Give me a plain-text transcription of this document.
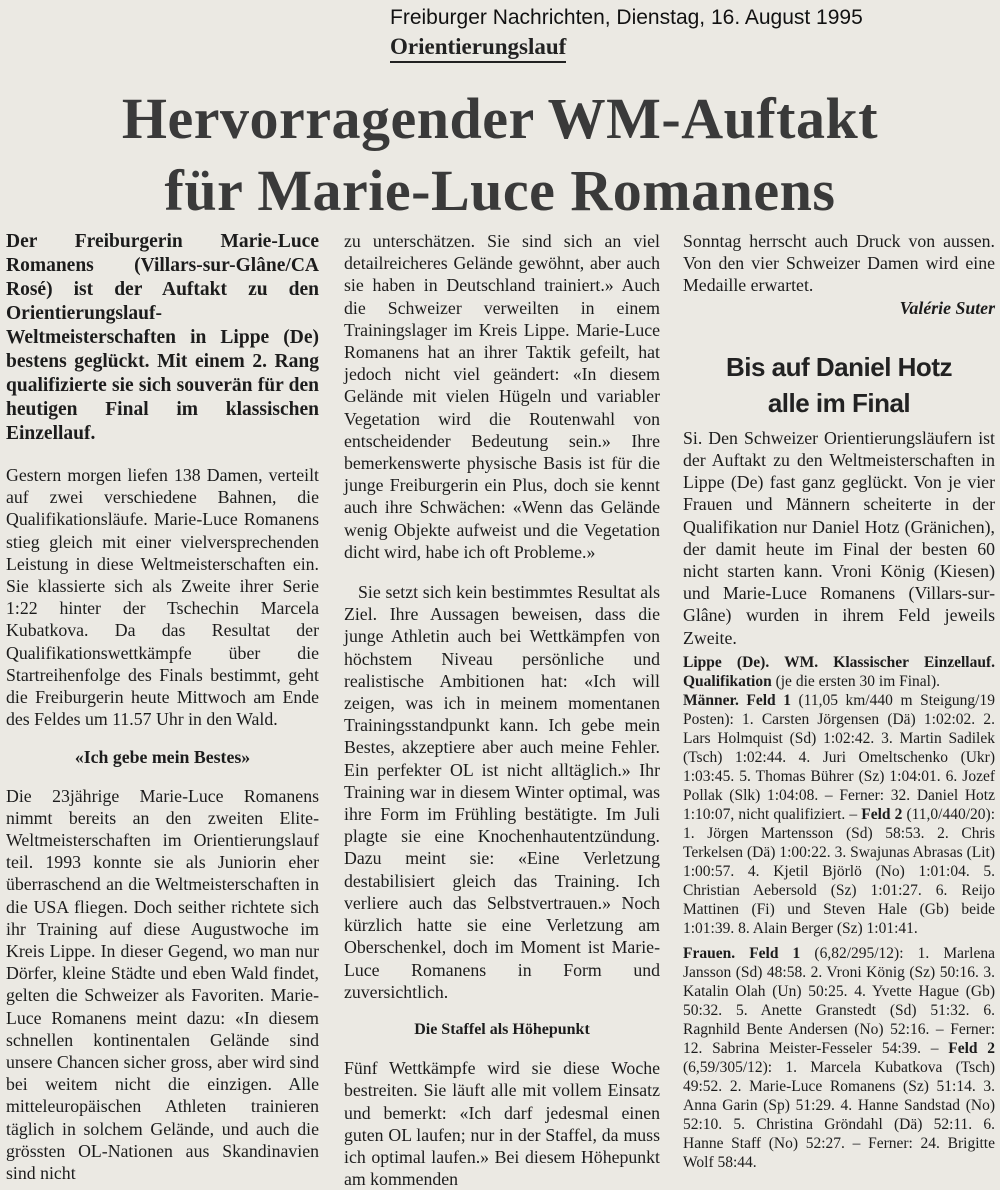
Freiburger Nachrichten, Dienstag, 16. August 1995
Orientierungslauf
Hervorragender WM-Auftakt
für Marie-Luce Romanens

Der Freiburgerin Marie-Luce Romanens (Villars-sur-Glâne/CA Rosé) ist der Auftakt zu den Orientierungslauf-Weltmeisterschaften in Lippe (De) bestens geglückt. Mit einem 2. Rang qualifizierte sie sich souverän für den heutigen Final im klassischen Einzellauf.

Gestern morgen liefen 138 Damen, verteilt auf zwei verschiedene Bahnen, die Qualifikationsläufe. Marie-Luce Romanens stieg gleich mit einer vielversprechenden Leistung in diese Weltmeisterschaften ein. Sie klassierte sich als Zweite ihrer Serie 1:22 hinter der Tschechin Marcela Kubatkova. Da das Resultat der Qualifikationswettkämpfe über die Startreihenfolge des Finals bestimmt, geht die Freiburgerin heute Mittwoch am Ende des Feldes um 11.57 Uhr in den Wald.

«Ich gebe mein Bestes»

Die 23jährige Marie-Luce Romanens nimmt bereits an den zweiten Elite-Weltmeisterschaften im Orientierungslauf teil. 1993 konnte sie als Juniorin eher überraschend an die Weltmeisterschaften in die USA fliegen. Doch seither richtete sich ihr Training auf diese Augustwoche im Kreis Lippe. In dieser Gegend, wo man nur Dörfer, kleine Städte und eben Wald findet, gelten die Schweizer als Favoriten. Marie-Luce Romanens meint dazu: «In diesem schnellen kontinentalen Gelände sind unsere Chancen sicher gross, aber wird sind bei weitem nicht die einzigen. Alle mitteleuropäischen Athleten trainieren täglich in solchem Gelände, und auch die grössten OL-Nationen aus Skandinavien sind nicht

zu unterschätzen. Sie sind sich an viel detailreicheres Gelände gewöhnt, aber auch sie haben in Deutschland trainiert.» Auch die Schweizer verweilten in einem Trainingslager im Kreis Lippe. Marie-Luce Romanens hat an ihrer Taktik gefeilt, hat jedoch nicht viel geändert: «In diesem Gelände mit vielen Hügeln und variabler Vegetation wird die Routenwahl von entscheidender Bedeutung sein.» Ihre bemerkenswerte physische Basis ist für die junge Freiburgerin ein Plus, doch sie kennt auch ihre Schwächen: «Wenn das Gelände wenig Objekte aufweist und die Vegetation dicht wird, habe ich oft Probleme.»

Sie setzt sich kein bestimmtes Resultat als Ziel. Ihre Aussagen beweisen, dass die junge Athletin auch bei Wettkämpfen von höchstem Niveau persönliche und realistische Ambitionen hat: «Ich will zeigen, was ich in meinem momentanen Trainingsstandpunkt kann. Ich gebe mein Bestes, akzeptiere aber auch meine Fehler. Ein perfekter OL ist nicht alltäglich.» Ihr Training war in diesem Winter optimal, was ihre Form im Frühling bestätigte. Im Juli plagte sie eine Knochenhautentzündung. Dazu meint sie: «Eine Verletzung destabilisiert gleich das Training. Ich verliere auch das Selbstvertrauen.» Noch kürzlich hatte sie eine Verletzung am Oberschenkel, doch im Moment ist Marie-Luce Romanens in Form und zuversichtlich.

Die Staffel als Höhepunkt

Fünf Wettkämpfe wird sie diese Woche bestreiten. Sie läuft alle mit vollem Einsatz und bemerkt: «Ich darf jedesmal einen guten OL laufen; nur in der Staffel, da muss ich optimal laufen.» Bei diesem Höhepunkt am kommenden

Sonntag herrscht auch Druck von aussen. Von den vier Schweizer Damen wird eine Medaille erwartet.

Valérie Suter

Bis auf Daniel Hotz
alle im Final

Si. Den Schweizer Orientierungsläufern ist der Auftakt zu den Weltmeisterschaften in Lippe (De) fast ganz geglückt. Von je vier Frauen und Männern scheiterte in der Qualifikation nur Daniel Hotz (Gränichen), der damit heute im Final der besten 60 nicht starten kann. Vroni König (Kiesen) und Marie-Luce Romanens (Villars-sur-Glâne) wurden in ihrem Feld jeweils Zweite.

Lippe (De). WM. Klassischer Einzellauf. Qualifikation (je die ersten 30 im Final).

Männer. Feld 1 (11,05 km/440 m Steigung/19 Posten): 1. Carsten Jörgensen (Dä) 1:02:02. 2. Lars Holmquist (Sd) 1:02:42. 3. Martin Sadilek (Tsch) 1:02:44. 4. Juri Omeltschenko (Ukr) 1:03:45. 5. Thomas Bührer (Sz) 1:04:01. 6. Jozef Pollak (Slk) 1:04:08. – Ferner: 32. Daniel Hotz 1:10:07, nicht qualifiziert. – Feld 2 (11,0/440/20): 1. Jörgen Martensson (Sd) 58:53. 2. Chris Terkelsen (Dä) 1:00:22. 3. Swajunas Abrasas (Lit) 1:00:57. 4. Kjetil Björlö (No) 1:01:04. 5. Christian Aebersold (Sz) 1:01:27. 6. Reijo Mattinen (Fi) und Steven Hale (Gb) beide 1:01:39. 8. Alain Berger (Sz) 1:01:41.

Frauen. Feld 1 (6,82/295/12): 1. Marlena Jansson (Sd) 48:58. 2. Vroni König (Sz) 50:16. 3. Katalin Olah (Un) 50:25. 4. Yvette Hague (Gb) 50:32. 5. Anette Granstedt (Sd) 51:32. 6. Ragnhild Bente Andersen (No) 52:16. – Ferner: 12. Sabrina Meister-Fesseler 54:39. – Feld 2 (6,59/305/12): 1. Marcela Kubatkova (Tsch) 49:52. 2. Marie-Luce Romanens (Sz) 51:14. 3. Anna Garin (Sp) 51:29. 4. Hanne Sandstad (No) 52:10. 5. Christina Gröndahl (Dä) 52:11. 6. Hanne Staff (No) 52:27. – Ferner: 24. Brigitte Wolf 58:44.
